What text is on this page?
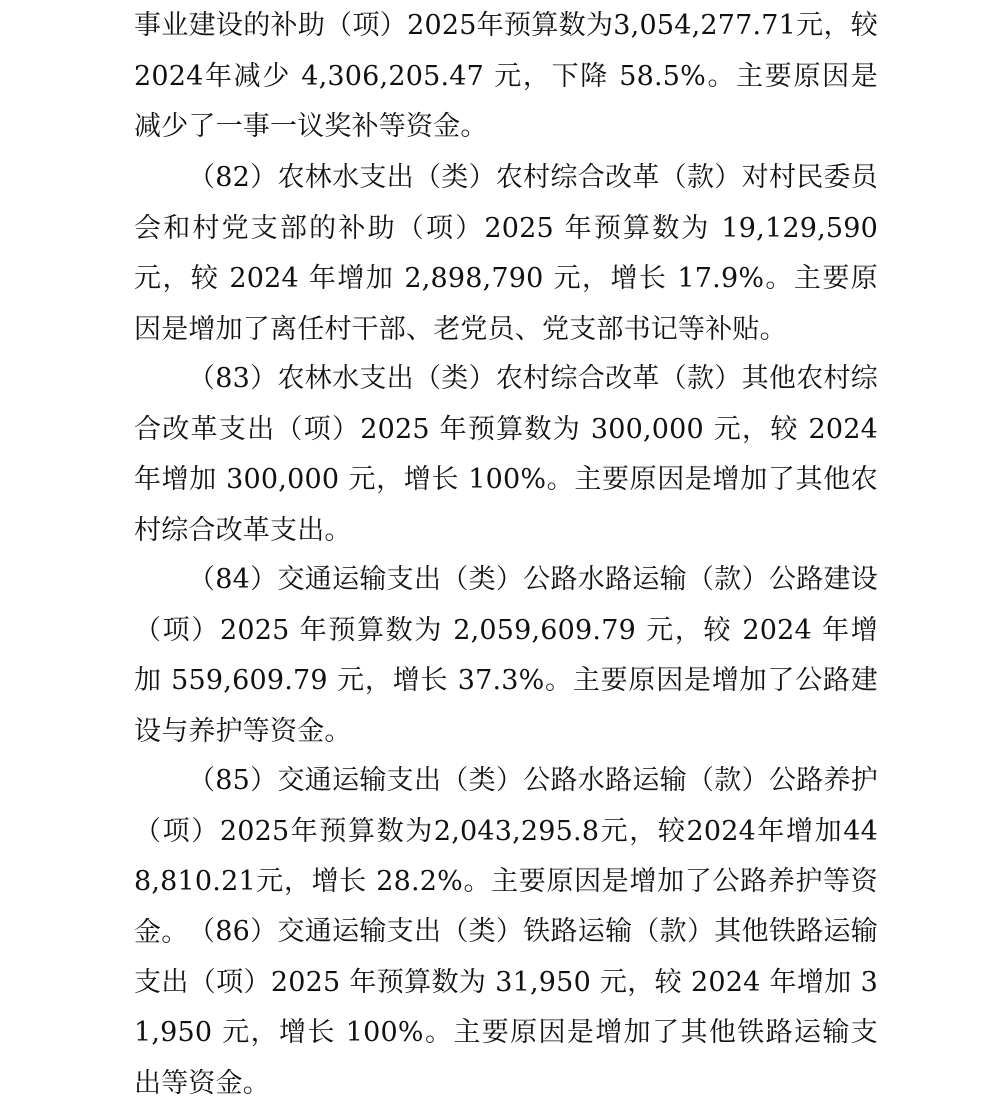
事业建设的补助（项）2025年预算数为3,054,277.71元，较2024年减少 4,306,205.47 元，下降 58.5%。主要原因是减少了一事一议奖补等资金。

（82）农林水支出（类）农村综合改革（款）对村民委员会和村党支部的补助（项）2025 年预算数为 19,129,590 元，较 2024 年增加 2,898,790 元，增长 17.9%。主要原因是增加了离任村干部、老党员、党支部书记等补贴。

（83）农林水支出（类）农村综合改革（款）其他农村综合改革支出（项）2025 年预算数为 300,000 元，较 2024 年增加 300,000 元，增长 100%。主要原因是增加了其他农村综合改革支出。

（84）交通运输支出（类）公路水路运输（款）公路建设（项）2025 年预算数为 2,059,609.79 元，较 2024 年增加 559,609.79 元，增长 37.3%。主要原因是增加了公路建设与养护等资金。

（85）交通运输支出（类）公路水路运输（款）公路养护（项）2025年预算数为2,043,295.8元，较2024年增加448,810.21元，增长 28.2%。主要原因是增加了公路养护等资金。 （86）交通运输支出（类）铁路运输（款）其他铁路运输支出（项）2025 年预算数为 31,950 元，较 2024 年增加 31,950 元，增长 100%。主要原因是增加了其他铁路运输支出等资金。
